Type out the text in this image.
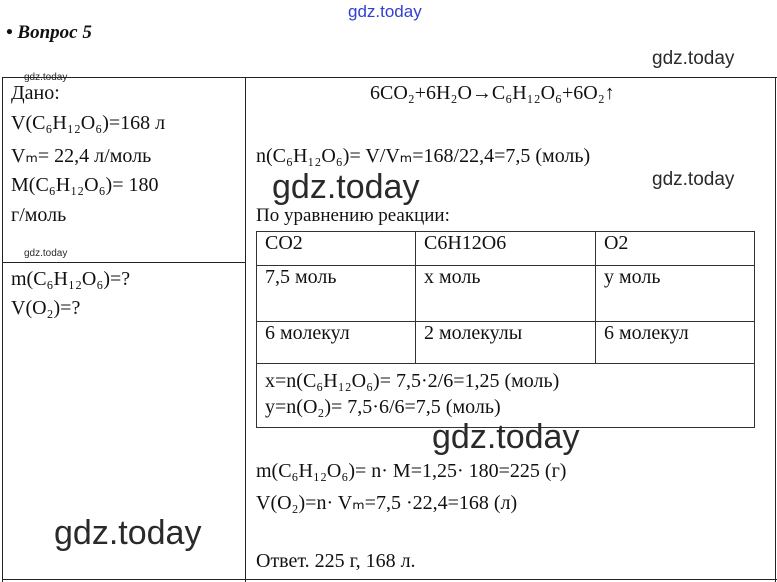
gdz.today
gdz.today
gdz.today
gdz.today
gdz.today
• Вопрос 5
Дано:
V(C₆H₁₂O₆)=168 л
Vₘ= 22,4 л/моль
M(C₆H₁₂O₆)= 180
г/моль
m(C₆H₁₂O₆)=?
V(O₂)=?
6CO₂+6H₂O→C₆H₁₂O₆+6O₂↑
n(C₆H₁₂O₆)= V/Vₘ=168/22,4=7,5 (моль)
По уравнению реакции:
CO2	C6H12O6	O2
7,5 моль	x моль	y моль
6 молекул	2 молекулы	6 молекул

x=n(C₆H₁₂O₆)= 7,5·2/6=1,25 (моль)
y=n(O₂)= 7,5·6/6=7,5 (моль)		
gdz.today
m(C₆H₁₂O₆)= n· M=1,25· 180=225 (г)
V(O₂)=n· Vₘ=7,5 ·22,4=168 (л)
Ответ. 225 г, 168 л.
gdz.today
